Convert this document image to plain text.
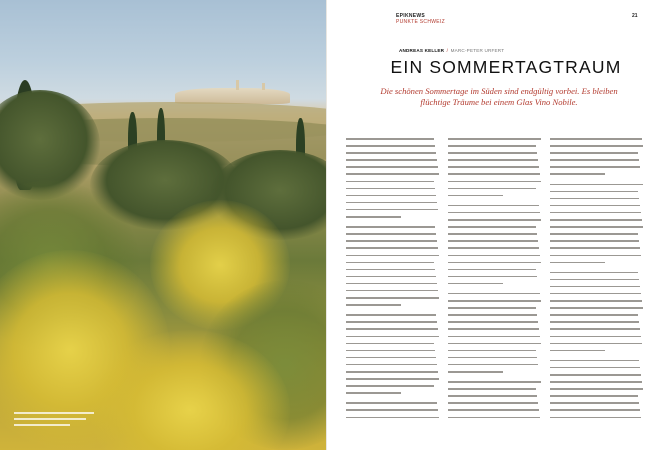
EPIKNEWS
PUNKTE SCHWEIZ
21
ANDREAS KELLER / MARC-PETER URFERT
EIN SOMMERTAGTRAUM

Die schönen Sommertage im Süden sind endgültig vorbei. Es bleiben flüchtige Träume bei einem Glas Vino Nobile.
